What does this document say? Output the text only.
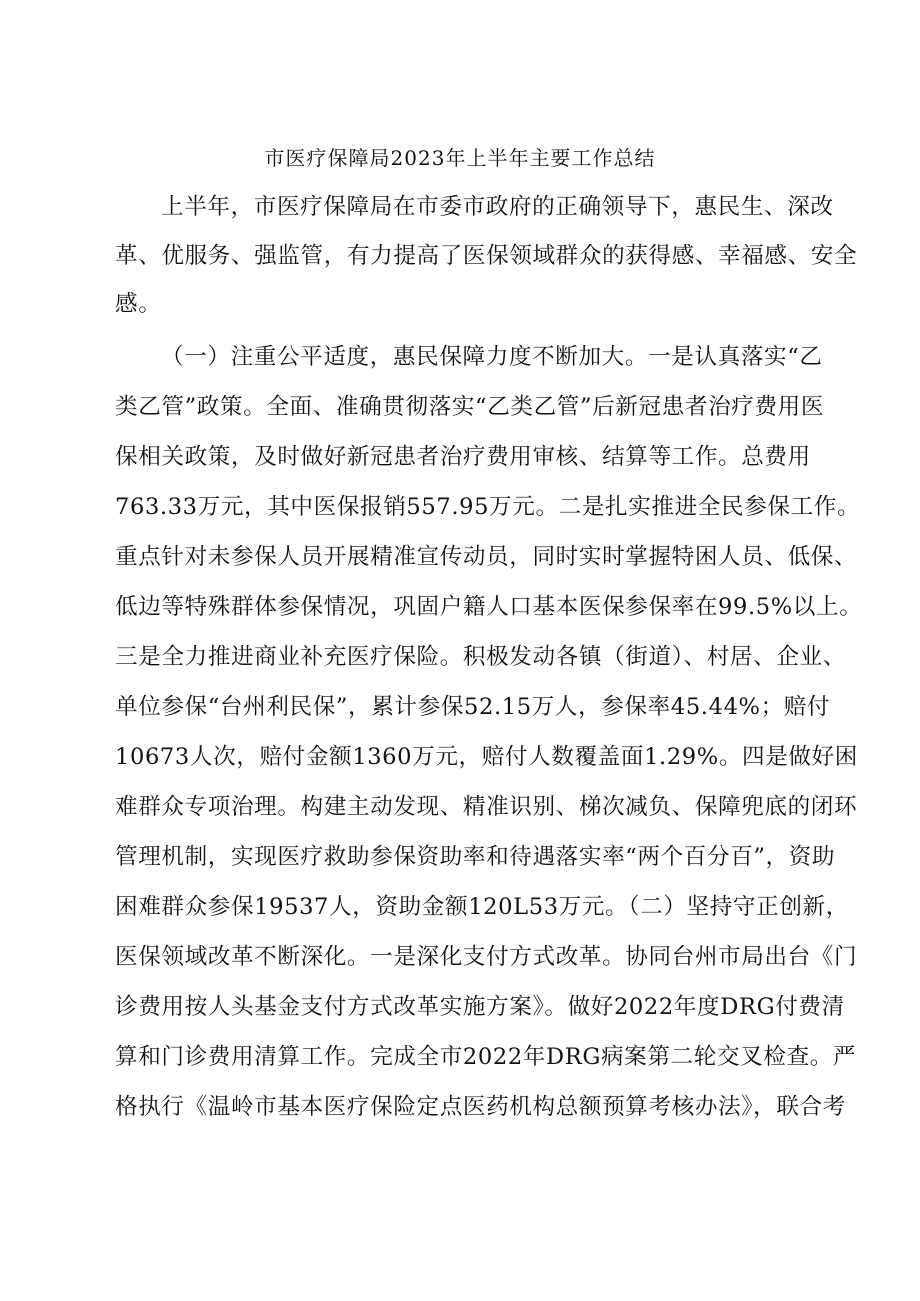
市医疗保障局2023年上半年主要工作总结
上半年，市医疗保障局在市委市政府的正确领导下，惠民生、深改
革、优服务、强监管，有力提高了医保领域群众的获得感、幸福感、安全
感。
（一）注重公平适度，惠民保障力度不断加大。一是认真落实“乙
类乙管”政策。全面、准确贯彻落实“乙类乙管”后新冠患者治疗费用医
保相关政策，及时做好新冠患者治疗费用审核、结算等工作。总费用
763.33万元，其中医保报销557.95万元。二是扎实推进全民参保工作。
重点针对未参保人员开展精准宣传动员，同时实时掌握特困人员、低保、
低边等特殊群体参保情况，巩固户籍人口基本医保参保率在99.5%以上。
三是全力推进商业补充医疗保险。积极发动各镇（街道）、村居、企业、
单位参保“台州利民保”，累计参保52.15万人，参保率45.44%；赔付
10673人次，赔付金额1360万元，赔付人数覆盖面1.29%。四是做好困
难群众专项治理。构建主动发现、精准识别、梯次减负、保障兜底的闭环
管理机制，实现医疗救助参保资助率和待遇落实率“两个百分百”，资助
困难群众参保19537人，资助金额120L53万元。（二）坚持守正创新，
医保领域改革不断深化。一是深化支付方式改革。协同台州市局出台《门
诊费用按人头基金支付方式改革实施方案》。做好2022年度DRG付费清
算和门诊费用清算工作。完成全市2022年DRG病案第二轮交叉检查。严
格执行《温岭市基本医疗保险定点医药机构总额预算考核办法》，联合考
